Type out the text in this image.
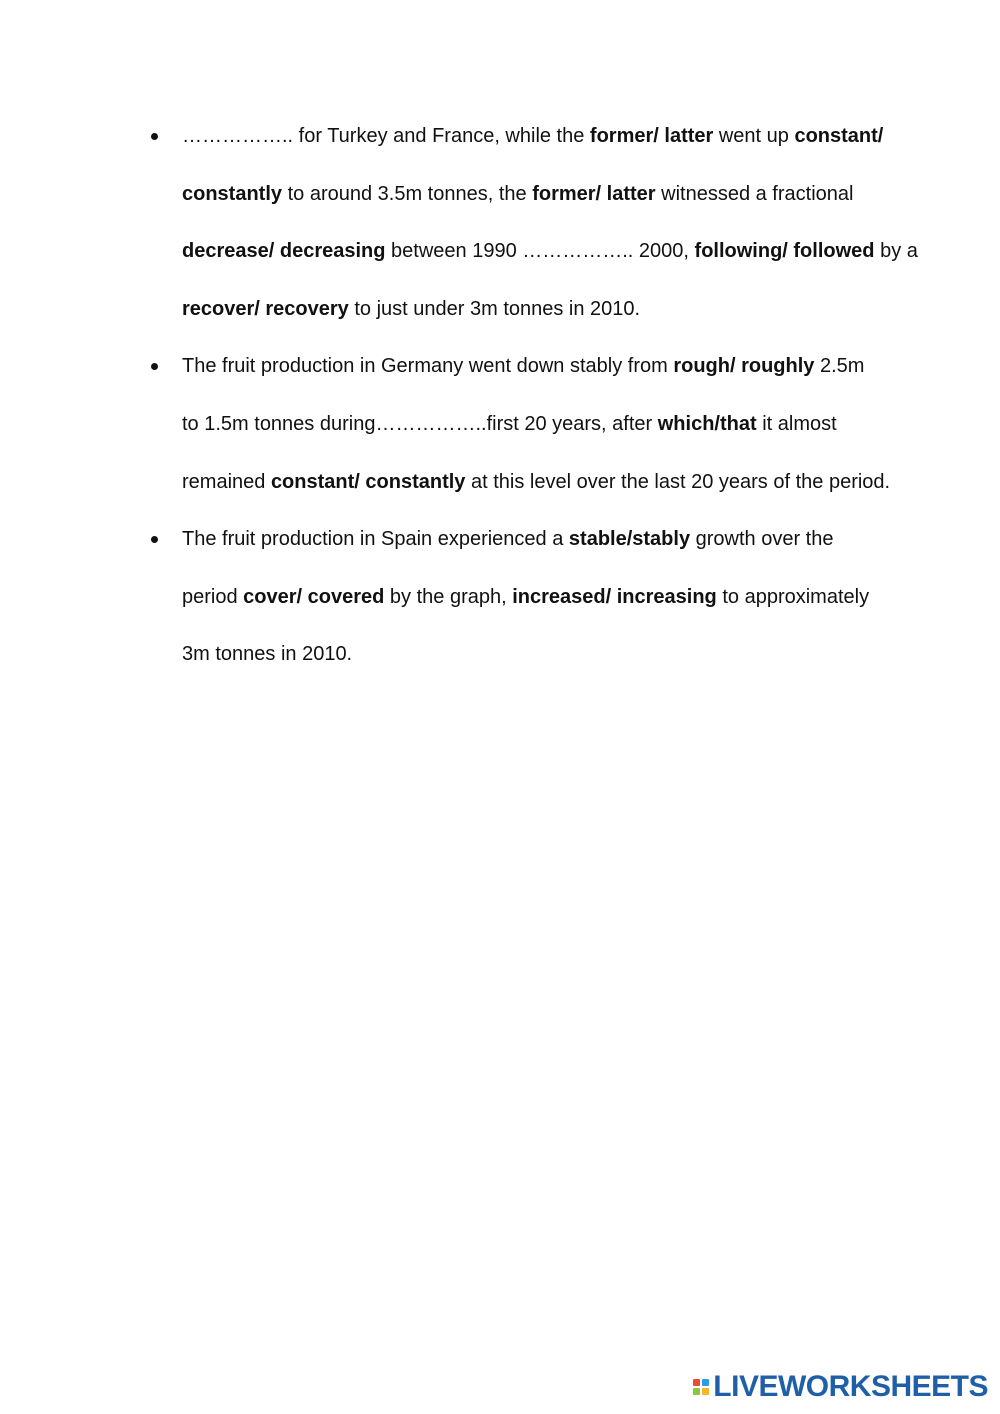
…………….. for Turkey and France, while the former/ latter went up constant/
constantly to around 3.5m tonnes, the former/ latter witnessed a fractional
decrease/ decreasing between 1990 …………….. 2000, following/ followed by a
recover/ recovery to just under 3m tonnes in 2010.
The fruit production in Germany went down stably from rough/ roughly 2.5m
to 1.5m tonnes during……………..first 20 years, after which/that it almost
remained constant/ constantly at this level over the last 20 years of the period.
The fruit production in Spain experienced a stable/stably growth over the
period cover/ covered by the graph, increased/ increasing to approximately
3m tonnes in 2010.
LIVEWORKSHEETS
